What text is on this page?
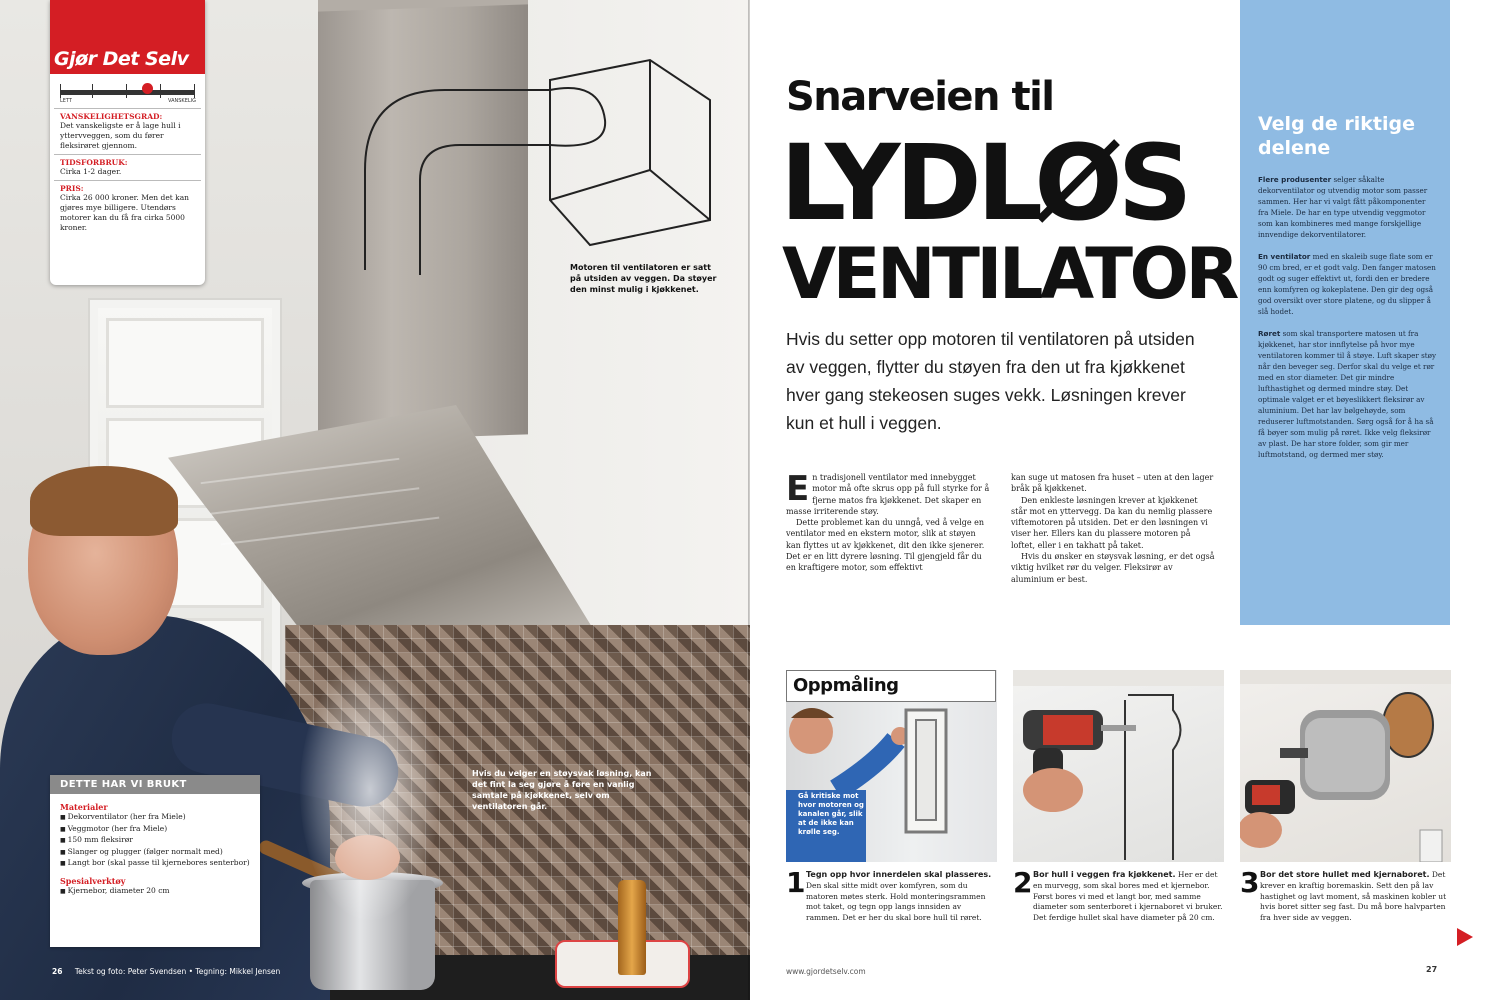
Gjør Det Selv
LETT	VANSKELIG
VANSKELIGHETSGRAD:
Det vanskeligste er å lage hull i yttervveggen, som du fører fleksirøret gjennom.
TIDSFORBRUK:
Cirka 1-2 dager.
PRIS:
Cirka 26 000 kroner. Men det kan gjøres mye billigere. Utendørs motorer kan du få fra cirka 5000 kroner.
Motoren til ventilatoren er satt på utsiden av veggen. Da støyer den minst mulig i kjøkkenet.
Hvis du velger en støysvak løsning, kan det fint la seg gjøre å føre en vanlig samtale på kjøkkenet, selv om ventilatoren går.
DETTE HAR VI BRUKT
Materialer
■ Dekorventilator (her fra Miele)
■ Veggmotor (her fra Miele)
■ 150 mm fleksirør
■ Slanger og plugger (følger normalt med)
■ Langt bor (skal passe til kjernebores senterbor)
Spesialverktøy
■ Kjernebor, diameter 20 cm
26 Tekst og foto: Peter Svendsen • Tegning: Mikkel Jensen
Snarveien til
LYDLØS
VENTILATOR
Hvis du setter opp motoren til ventilatoren på utsiden av veggen, flytter du støyen fra den ut fra kjøkkenet hver gang stekeosen suges vekk. Løsningen krever kun et hull i veggen.

En tradisjonell ventilator med innebygget motor må ofte skrus opp på full styrke for å fjerne matos fra kjøkkenet. Det skaper en masse irriterende støy.

Dette problemet kan du unngå, ved å velge en ventilator med en ekstern motor, slik at støyen kan flyttes ut av kjøkkenet, dit den ikke sjenerer. Det er en litt dyrere løsning. Til gjengjeld får du en kraftigere motor, som effektivt

kan suge ut matosen fra huset – uten at den lager bråk på kjøkkenet.

Den enkleste løsningen krever at kjøkkenet står mot en yttervegg. Da kan du nemlig plassere viftemotoren på utsiden. Det er den løsningen vi viser her. Ellers kan du plassere motoren på loftet, eller i en takhatt på taket.

Hvis du ønsker en støysvak løsning, er det også viktig hvilket rør du velger. Fleksirør av aluminium er best.

Velg de riktige delene

Flere produsenter selger såkalte dekorventilator og utvendig motor som passer sammen. Her har vi valgt fått påkomponenter fra Miele. De har en type utvendig veggmotor som kan kombineres med mange forskjellige innvendige dekorventilatorer.

En ventilator med en skaleib suge flate som er 90 cm bred, er et godt valg. Den fanger matosen godt og suger effektivt ut, fordi den er bredere enn komfyren og kokeplatene. Den gir deg også god oversikt over store platene, og du slipper å slå hodet.

Røret som skal transportere matosen ut fra kjøkkenet, har stor innflytelse på hvor mye ventilatoren kommer til å støye. Luft skaper støy når den beveger seg. Derfor skal du velge et rør med en stor diameter. Det gir mindre lufthastighet og dermed mindre støy. Det optimale valget er et bøyeslikkert fleksirør av aluminium. Det har lav bølgehøyde, som reduserer luftmotstanden. Sørg også for å ha så få bøyer som mulig på røret. Ikke velg fleksirør av plast. De har store folder, som gir mer luftmotstand, og dermed mer støy.

Oppmåling
Gå kritiske mot hvor motoren og kanalen går, slik at de ikke kan krølle seg.
1 Tegn opp hvor innerdelen skal plasseres. Den skal sitte midt over komfyren, som du matoren møtes sterk. Hold monteringsrammen mot taket, og tegn opp langs innsiden av rammen. Det er her du skal bore hull til røret.
2 Bor hull i veggen fra kjøkkenet. Her er det en murvegg, som skal bores med et kjernebor. Først bores vi med et langt bor, med samme diameter som senterboret i kjernaboret vi bruker. Det ferdige hullet skal have diameter på 20 cm.
3 Bor det store hullet med kjernaboret. Det krever en kraftig boremaskin. Sett den på lav hastighet og lavt moment, så maskinen kobler ut hvis boret sitter seg fast. Du må bore halvparten fra hver side av veggen.
www.gjordetselv.com	27
